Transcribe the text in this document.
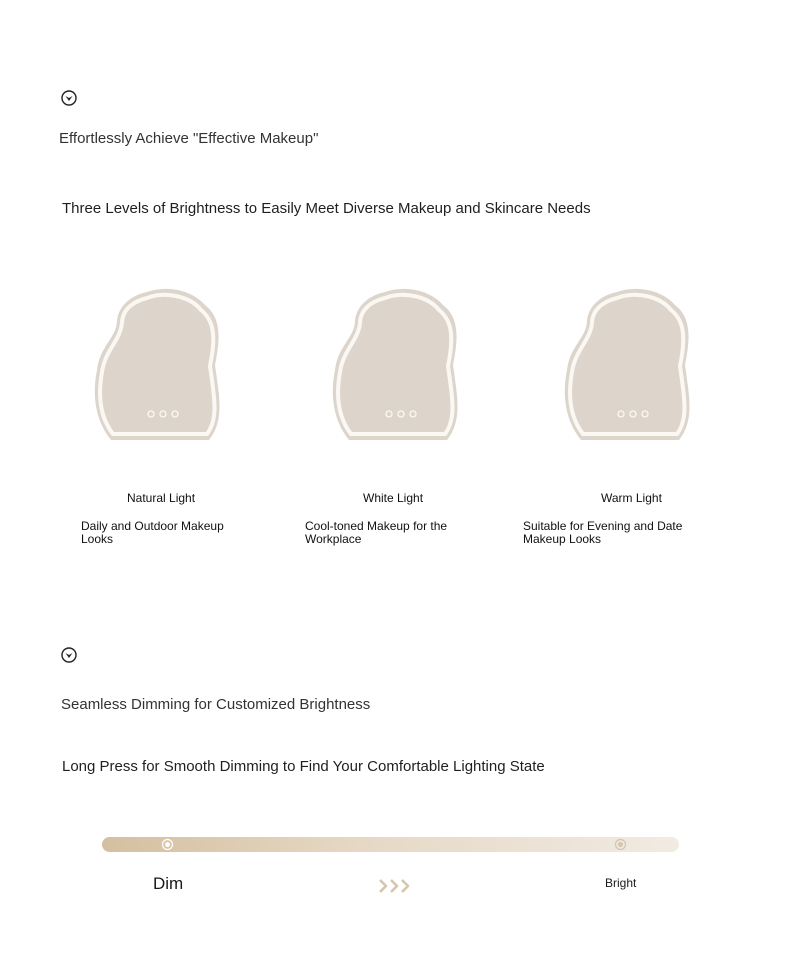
Effortlessly Achieve "Effective Makeup"
Three Levels of Brightness to Easily Meet Diverse Makeup and Skincare Needs
Natural Light
Daily and Outdoor Makeup Looks
White Light
Cool-toned Makeup for the Workplace
Warm Light
Suitable for Evening and Date Makeup Looks
Seamless Dimming for Customized Brightness
Long Press for Smooth Dimming to Find Your Comfortable Lighting State
Dim	Bright
